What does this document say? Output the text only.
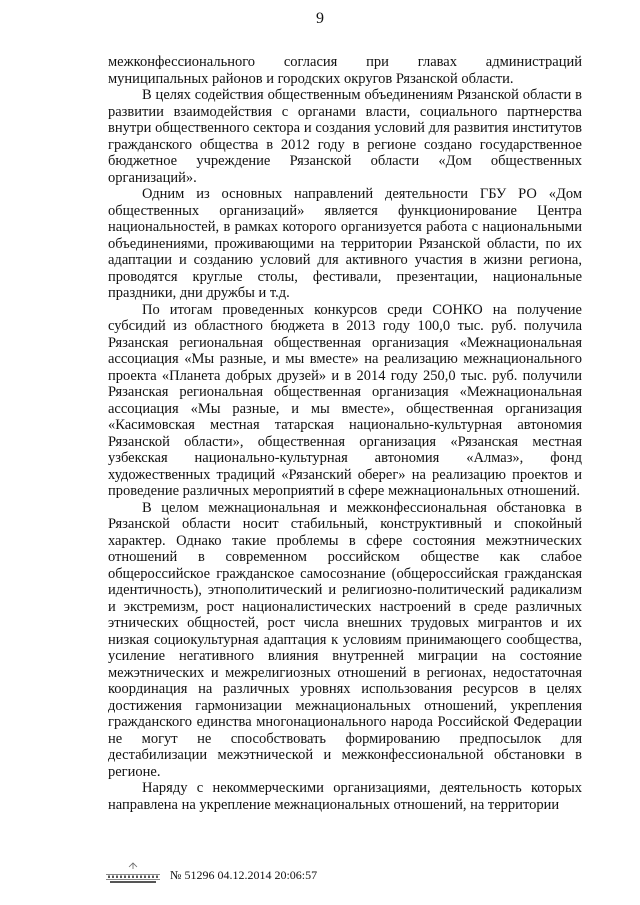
9

межконфессионального согласия при главах администраций муниципальных районов и городских округов Рязанской области.

В целях содействия общественным объединениям Рязанской области в развитии взаимодействия с органами власти, социального партнерства внутри общественного сектора и создания условий для развития институтов гражданского общества в 2012 году в регионе создано государственное бюджетное учреждение Рязанской области «Дом общественных организаций».

Одним из основных направлений деятельности ГБУ РО «Дом общественных организаций» является функционирование Центра национальностей, в рамках которого организуется работа с национальными объединениями, проживающими на территории Рязанской области, по их адаптации и созданию условий для активного участия в жизни региона, проводятся круглые столы, фестивали, презентации, национальные праздники, дни дружбы и т.д.

По итогам проведенных конкурсов среди СОНКО на получение субсидий из областного бюджета в 2013 году 100,0 тыс. руб. получила Рязанская региональная общественная организация «Межнациональная ассоциация «Мы разные, и мы вместе» на реализацию межнационального проекта «Планета добрых друзей» и в 2014 году 250,0 тыс. руб. получили Рязанская региональная общественная организация «Межнациональная ассоциация «Мы разные, и мы вместе», общественная организация «Касимовская местная татарская национально-культурная автономия Рязанской области», общественная организация «Рязанская местная узбекская национально-культурная автономия «Алмаз», фонд художественных традиций «Рязанский оберег» на реализацию проектов и проведение различных мероприятий в сфере межнациональных отношений.

В целом межнациональная и межконфессиональная обстановка в Рязанской области носит стабильный, конструктивный и спокойный характер. Однако такие проблемы в сфере состояния межэтнических отношений в современном российском обществе как слабое общероссийское гражданское самосознание (общероссийская гражданская идентичность), этнополитический и религиозно-политический радикализм и экстремизм, рост националистических настроений в среде различных этнических общностей, рост числа внешних трудовых мигрантов и их низкая социокультурная адаптация к условиям принимающего сообщества, усиление негативного влияния внутренней миграции на состояние межэтнических и межрелигиозных отношений в регионах, недостаточная координация на различных уровнях использования ресурсов в целях достижения гармонизации межнациональных отношений, укрепления гражданского единства многонационального народа Российской Федерации не могут не способствовать формированию предпосылок для дестабилизации межэтнической и межконфессиональной обстановки в регионе.

Наряду с некоммерческими организациями, деятельность которых направлена на укрепление межнациональных отношений, на территории

№ 51296 04.12.2014 20:06:57
